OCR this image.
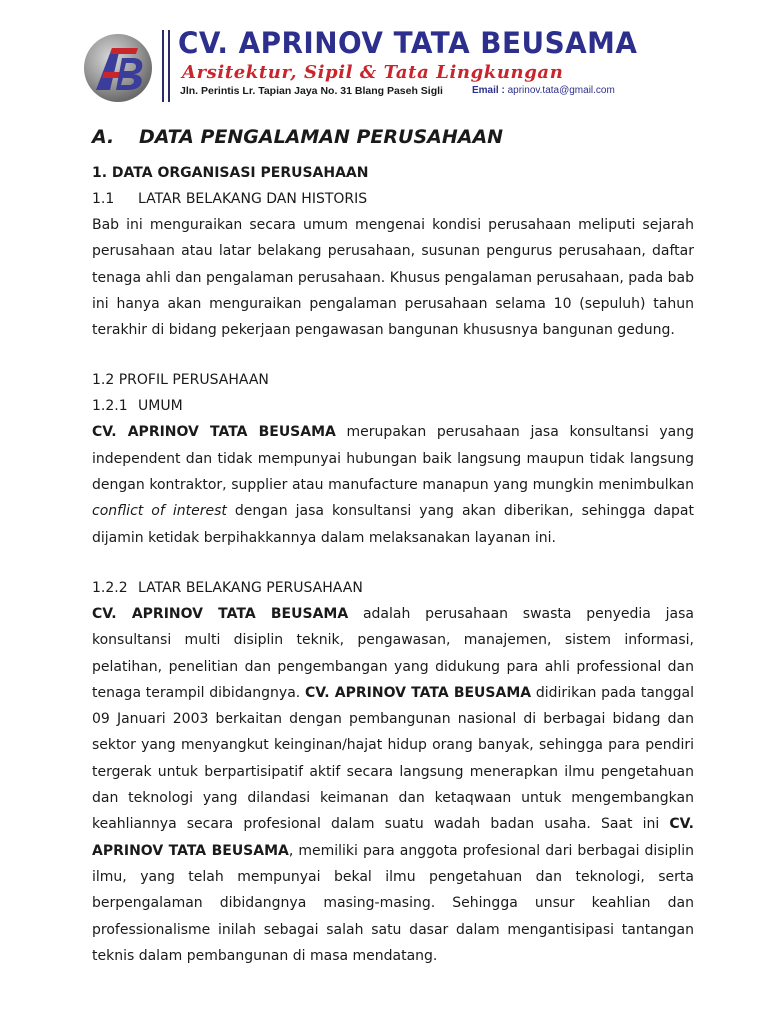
CV. APRINOV TATA BEUSAMA
Arsitektur, Sipil & Tata Lingkungan
Jln. Perintis Lr. Tapian Jaya No. 31 Blang Paseh Sigli	Email : aprinov.tata@gmail.com
A. DATA PENGALAMAN PERUSAHAAN
1. DATA ORGANISASI PERUSAHAAN
1.1 LATAR BELAKANG DAN HISTORIS

Bab ini menguraikan secara umum mengenai kondisi perusahaan meliputi sejarah perusahaan atau latar belakang perusahaan, susunan pengurus perusahaan, daftar tenaga ahli dan pengalaman perusahaan. Khusus pengalaman perusahaan, pada bab ini hanya akan menguraikan pengalaman perusahaan selama 10 (sepuluh) tahun terakhir di bidang pekerjaan pengawasan bangunan khususnya bangunan gedung.

1.2 PROFIL PERUSAHAAN
1.2.1 UMUM

CV. APRINOV TATA BEUSAMA merupakan perusahaan jasa konsultansi yang independent dan tidak mempunyai hubungan baik langsung maupun tidak langsung dengan kontraktor, supplier atau manufacture manapun yang mungkin menimbulkan conflict of interest dengan jasa konsultansi yang akan diberikan, sehingga dapat dijamin ketidak berpihakkannya dalam melaksanakan layanan ini.

1.2.2 LATAR BELAKANG PERUSAHAAN

CV. APRINOV TATA BEUSAMA adalah perusahaan swasta penyedia jasa konsultansi multi disiplin teknik, pengawasan, manajemen, sistem informasi, pelatihan, penelitian dan pengembangan yang didukung para ahli professional dan tenaga terampil dibidangnya. CV. APRINOV TATA BEUSAMA didirikan pada tanggal 09 Januari 2003 berkaitan dengan pembangunan nasional di berbagai bidang dan sektor yang menyangkut keinginan/hajat hidup orang banyak, sehingga para pendiri tergerak untuk berpartisipatif aktif secara langsung menerapkan ilmu pengetahuan dan teknologi yang dilandasi keimanan dan ketaqwaan untuk mengembangkan keahliannya secara profesional dalam suatu wadah badan usaha. Saat ini CV. APRINOV TATA BEUSAMA, memiliki para anggota profesional dari berbagai disiplin ilmu, yang telah mempunyai bekal ilmu pengetahuan dan teknologi, serta berpengalaman dibidangnya masing-masing. Sehingga unsur keahlian dan professionalisme inilah sebagai salah satu dasar dalam mengantisipasi tantangan teknis dalam pembangunan di masa mendatang.
